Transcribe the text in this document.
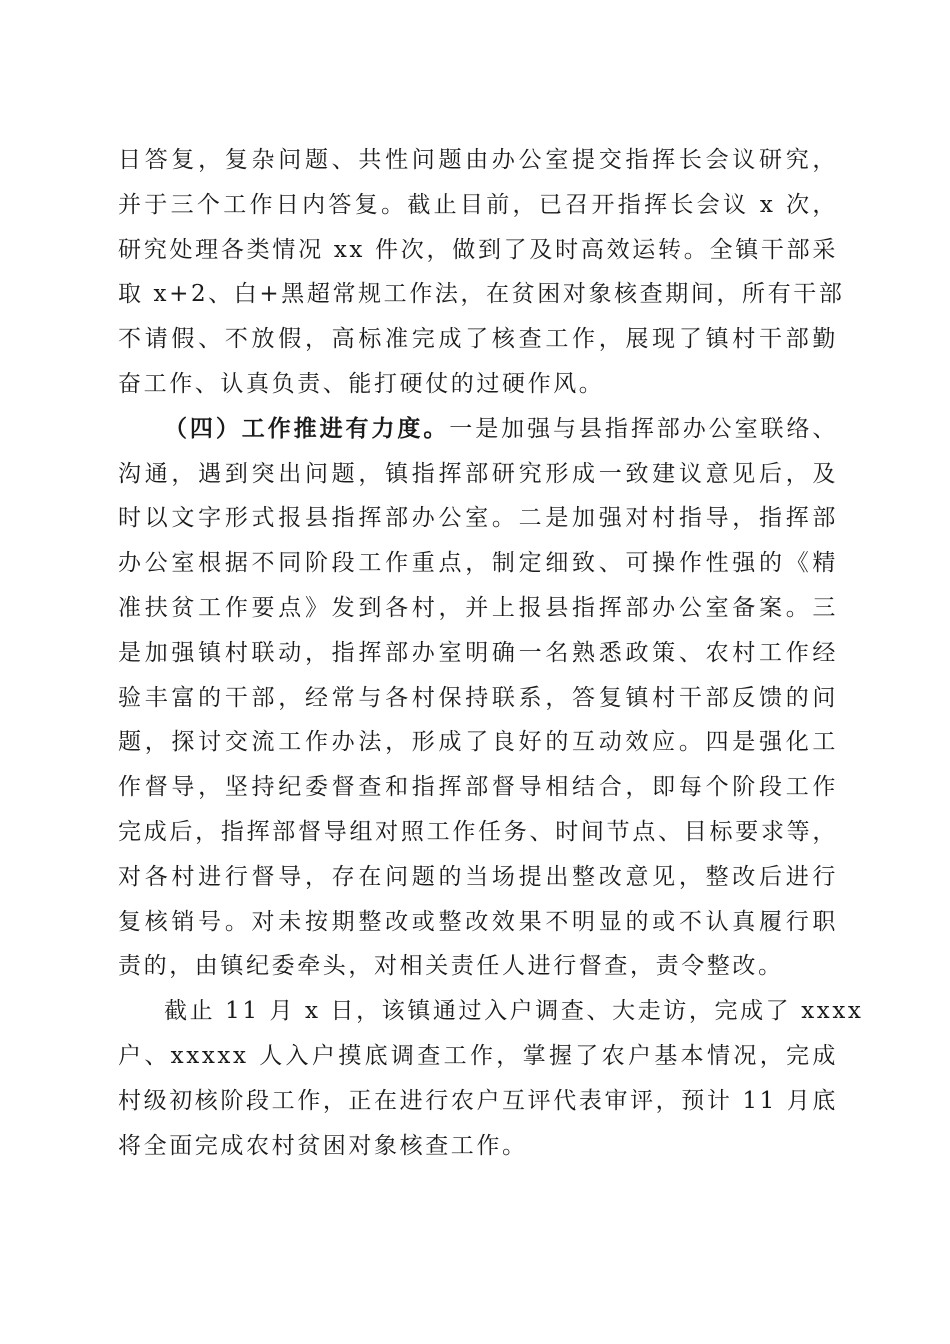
日答复，复杂问题、共性问题由办公室提交指挥长会议研究，
并于三个工作日内答复。截止目前，已召开指挥长会议 x 次，
研究处理各类情况 xx 件次，做到了及时高效运转。全镇干部采
取 x+2、白+黑超常规工作法，在贫困对象核查期间，所有干部
不请假、不放假，高标准完成了核查工作，展现了镇村干部勤
奋工作、认真负责、能打硬仗的过硬作风。
（四）工作推进有力度。一是加强与县指挥部办公室联络、
沟通，遇到突出问题，镇指挥部研究形成一致建议意见后，及
时以文字形式报县指挥部办公室。二是加强对村指导，指挥部
办公室根据不同阶段工作重点，制定细致、可操作性强的《精
准扶贫工作要点》发到各村，并上报县指挥部办公室备案。三
是加强镇村联动，指挥部办室明确一名熟悉政策、农村工作经
验丰富的干部，经常与各村保持联系，答复镇村干部反馈的问
题，探讨交流工作办法，形成了良好的互动效应。四是强化工
作督导，坚持纪委督查和指挥部督导相结合，即每个阶段工作
完成后，指挥部督导组对照工作任务、时间节点、目标要求等，
对各村进行督导，存在问题的当场提出整改意见，整改后进行
复核销号。对未按期整改或整改效果不明显的或不认真履行职
责的，由镇纪委牵头，对相关责任人进行督查，责令整改。
截止 11 月 x 日，该镇通过入户调查、大走访，完成了 xxxx
户、xxxxx 人入户摸底调查工作，掌握了农户基本情况，完成
村级初核阶段工作，正在进行农户互评代表审评，预计 11 月底
将全面完成农村贫困对象核查工作。
